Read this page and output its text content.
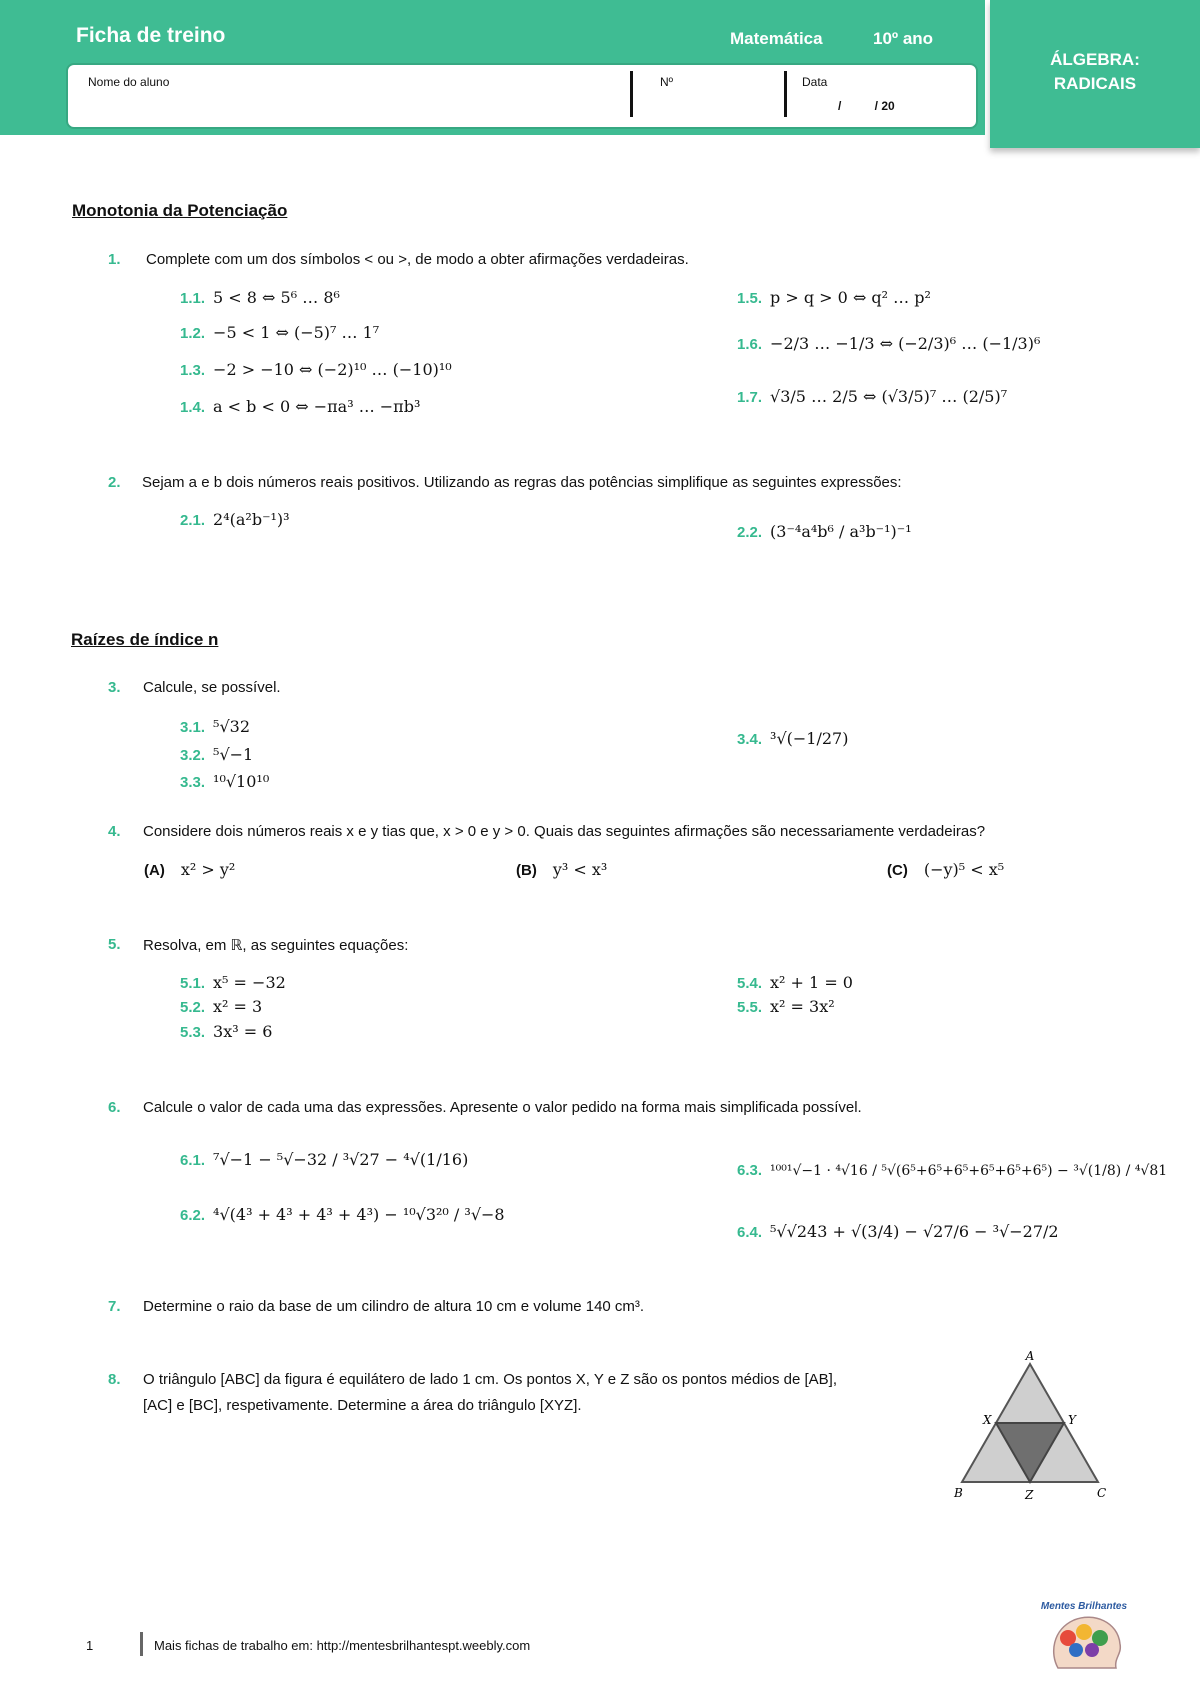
ÁLGEBRA:
RADICAIS
Ficha de treino	Matemática	10º ano
Nome do aluno	Nº	Data
/          / 20
Monotonia da Potenciação
1. Complete com um dos símbolos < ou >, de modo a obter afirmações verdadeiras.
1.1. 5 < 8 ⇔ 5⁶ … 8⁶
1.2. −5 < 1 ⇔ (−5)⁷ … 1⁷
1.3. −2 > −10 ⇔ (−2)¹⁰ … (−10)¹⁰
1.4. a < b < 0 ⇔ −πa³ … −πb³
1.5. p > q > 0 ⇔ q² … p²
1.6. −2/3 … −1/3 ⇔ (−2/3)⁶ … (−1/3)⁶
1.7. √3/5 … 2/5 ⇔ (√3/5)⁷ … (2/5)⁷
2. Sejam a e b dois números reais positivos. Utilizando as regras das potências simplifique as seguintes expressões:
2.1. 2⁴(a²b⁻¹)³
2.2. (3⁻⁴a⁴b⁶ / a³b⁻¹)⁻¹
Raízes de índice n
3. Calcule, se possível.
3.1. ⁵√32
3.2. ⁵√−1
3.3. ¹⁰√10¹⁰
3.4. ³√(−1/27)
4. Considere dois números reais x e y tias que, x > 0 e y > 0. Quais das seguintes afirmações são necessariamente verdadeiras?
(A) x² > y²	(B) y³ < x³	(C) (−y)⁵ < x⁵
5. Resolva, em ℝ, as seguintes equações:
5.1. x⁵ = −32
5.2. x² = 3
5.3. 3x³ = 6
5.4. x² + 1 = 0
5.5. x² = 3x²
6. Calcule o valor de cada uma das expressões. Apresente o valor pedido na forma mais simplificada possível.
6.1. ⁷√−1 − ⁵√−32 / ³√27 − ⁴√(1/16)
6.2. ⁴√(4³ + 4³ + 4³ + 4³) − ¹⁰√3²⁰ / ³√−8
6.3. ¹⁰⁰¹√−1 · ⁴√16 / ⁵√(6⁵+6⁵+6⁵+6⁵+6⁵+6⁵) − ³√(1/8) / ⁴√81
6.4. ⁵√√243 + √(3/4) − √27/6 − ³√−27/2
7. Determine o raio da base de um cilindro de altura 10 cm e volume 140 cm³.
8. O triângulo [ABC] da figura é equilátero de lado 1 cm. Os pontos X, Y e Z são os pontos médios de [AB],
[AC] e [BC], respetivamente. Determine a área do triângulo [XYZ].
A
B	C
X	Y
Z
1	Mais fichas de trabalho em: http://mentesbrilhantespt.weebly.com
Mentes Brilhantes
